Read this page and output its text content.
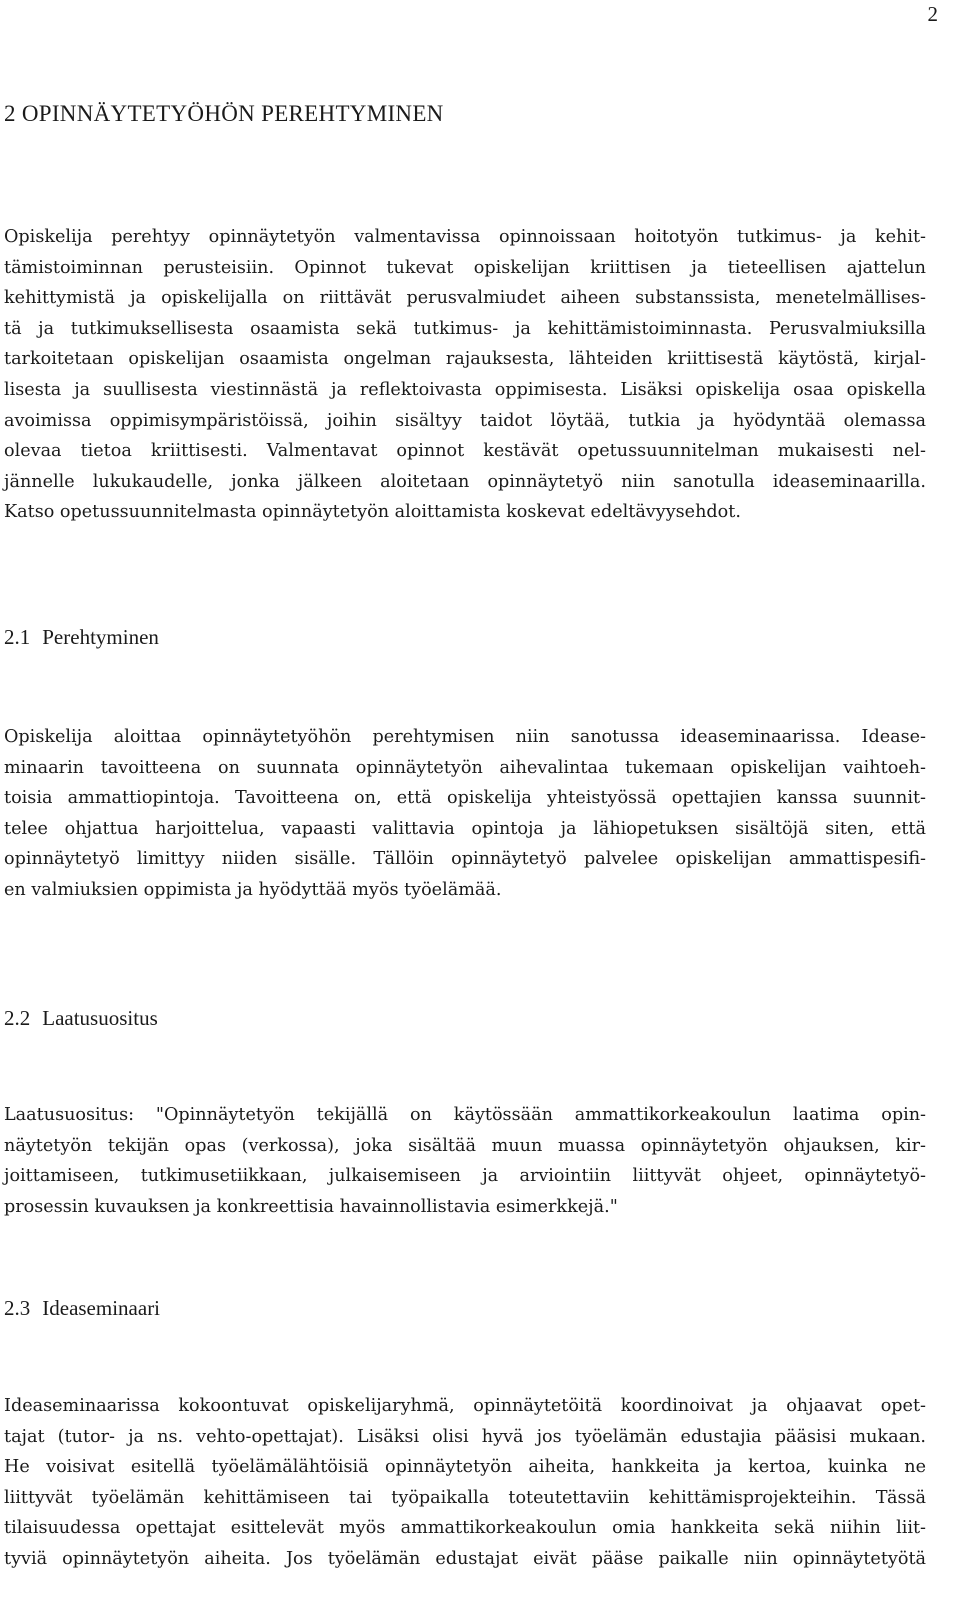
2
2 OPINNÄYTETYÖHÖN PEREHTYMINEN
Opiskelija perehtyy opinnäytetyön valmentavissa opinnoissaan hoitotyön tutkimus- ja kehit-
tämistoiminnan perusteisiin. Opinnot tukevat opiskelijan kriittisen ja tieteellisen ajattelun
kehittymistä ja opiskelijalla on riittävät perusvalmiudet aiheen substanssista, menetelmällises-
tä ja tutkimuksellisesta osaamista sekä tutkimus- ja kehittämistoiminnasta. Perusvalmiuksilla
tarkoitetaan opiskelijan osaamista ongelman rajauksesta, lähteiden kriittisestä käytöstä, kirjal-
lisesta ja suullisesta viestinnästä ja reflektoivasta oppimisesta. Lisäksi opiskelija osaa opiskella
avoimissa oppimisympäristöissä, joihin sisältyy taidot löytää, tutkia ja hyödyntää olemassa
olevaa tietoa kriittisesti. Valmentavat opinnot kestävät opetussuunnitelman mukaisesti nel-
jännelle lukukaudelle, jonka jälkeen aloitetaan opinnäytetyö niin sanotulla ideaseminaarilla.
Katso opetussuunnitelmasta opinnäytetyön aloittamista koskevat edeltävyysehdot.
2.1 Perehtyminen
Opiskelija aloittaa opinnäytetyöhön perehtymisen niin sanotussa ideaseminaarissa. Idease-
minaarin tavoitteena on suunnata opinnäytetyön aihevalintaa tukemaan opiskelijan vaihtoeh-
toisia ammattiopintoja. Tavoitteena on, että opiskelija yhteistyössä opettajien kanssa suunnit-
telee ohjattua harjoittelua, vapaasti valittavia opintoja ja lähiopetuksen sisältöjä siten, että
opinnäytetyö limittyy niiden sisälle. Tällöin opinnäytetyö palvelee opiskelijan ammattispesifi-
en valmiuksien oppimista ja hyödyttää myös työelämää.
2.2 Laatusuositus
Laatusuositus: "Opinnäytetyön tekijällä on käytössään ammattikorkeakoulun laatima opin-
näytetyön tekijän opas (verkossa), joka sisältää muun muassa opinnäytetyön ohjauksen, kir-
joittamiseen, tutkimusetiikkaan, julkaisemiseen ja arviointiin liittyvät ohjeet, opinnäytetyö-
prosessin kuvauksen ja konkreettisia havainnollistavia esimerkkejä."
2.3 Ideaseminaari
Ideaseminaarissa kokoontuvat opiskelijaryhmä, opinnäytetöitä koordinoivat ja ohjaavat opet-
tajat (tutor- ja ns. vehto-opettajat). Lisäksi olisi hyvä jos työelämän edustajia pääsisi mukaan.
He voisivat esitellä työelämälähtöisiä opinnäytetyön aiheita, hankkeita ja kertoa, kuinka ne
liittyvät työelämän kehittämiseen tai työpaikalla toteutettaviin kehittämisprojekteihin. Tässä
tilaisuudessa opettajat esittelevät myös ammattikorkeakoulun omia hankkeita sekä niihin liit-
tyviä opinnäytetyön aiheita. Jos työelämän edustajat eivät pääse paikalle niin opinnäytetyötä
